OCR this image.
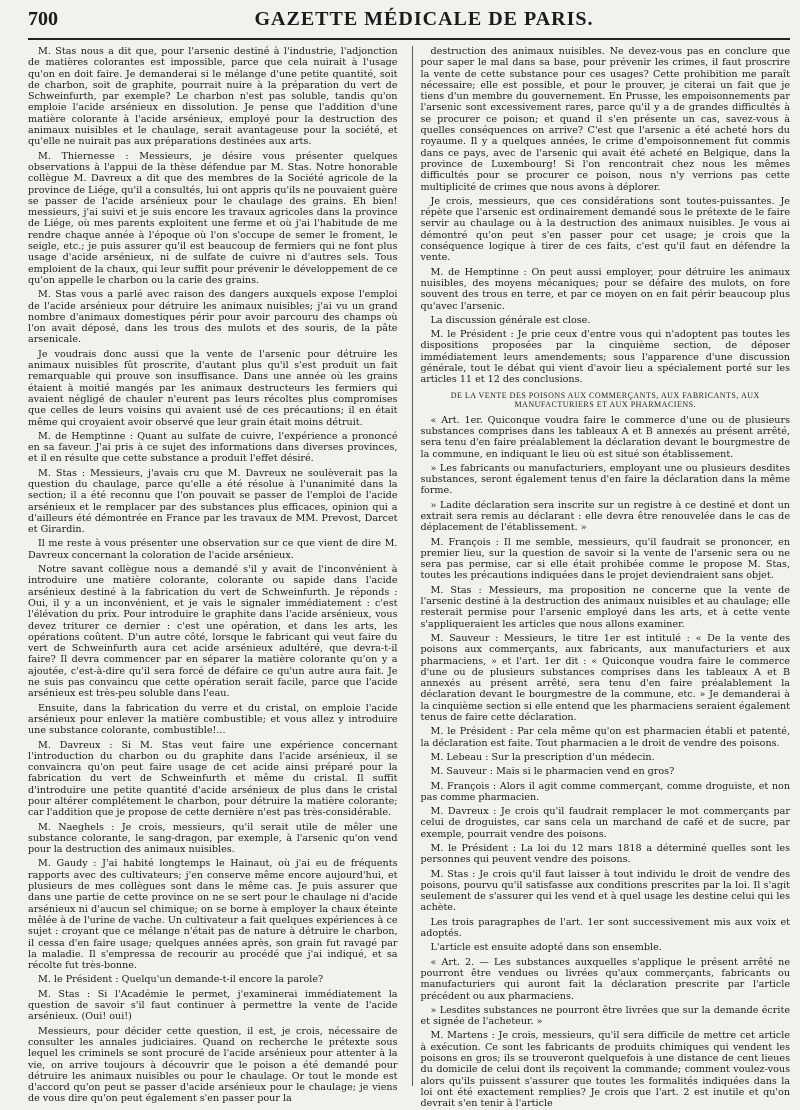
700	GAZETTE MÉDICALE DE PARIS.

M. Stas nous a dit que, pour l'arsenic destiné à l'industrie, l'adjonction de matières colorantes est impossible, parce que cela nuirait à l'usage qu'on en doit faire. Je demanderai si le mélange d'une petite quantité, soit de charbon, soit de graphite, pourrait nuire à la préparation du vert de Schweinfurth, par exemple? Le charbon n'est pas soluble, tandis qu'on emploie l'acide arsénieux en dissolution. Je pense que l'addition d'une matière colorante à l'acide arsénieux, employé pour la destruction des animaux nuisibles et le chaulage, serait avantageuse pour la société, et qu'elle ne nuirait pas aux préparations destinées aux arts.

M. Thiernesse : Messieurs, je désire vous présenter quelques observations à l'appui de la thèse défendue par M. Stas. Notre honorable collègue M. Davreux a dit que des membres de la Société agricole de la province de Liége, qu'il a consultés, lui ont appris qu'ils ne pouvaient guère se passer de l'acide arsénieux pour le chaulage des grains. Eh bien! messieurs, j'ai suivi et je suis encore les travaux agricoles dans la province de Liége, où mes parents exploitent une ferme et où j'ai l'habitude de me rendre chaque année à l'époque où l'on s'occupe de semer le froment, le seigle, etc.; je puis assurer qu'il est beaucoup de fermiers qui ne font plus usage d'acide arsénieux, ni de sulfate de cuivre ni d'autres sels. Tous emploient de la chaux, qui leur suffit pour prévenir le développement de ce qu'on appelle le charbon ou la carie des grains.

M. Stas vous a parlé avec raison des dangers auxquels expose l'emploi de l'acide arsénieux pour détruire les animaux nuisibles; j'ai vu un grand nombre d'animaux domestiques périr pour avoir parcouru des champs où l'on avait déposé, dans les trous des mulots et des souris, de la pâte arsenicale.

Je voudrais donc aussi que la vente de l'arsenic pour détruire les animaux nuisibles fût proscrite, d'autant plus qu'il s'est produit un fait remarquable qui prouve son insuffisance. Dans une année où les grains étaient à moitié mangés par les animaux destructeurs les fermiers qui avaient négligé de chauler n'eurent pas leurs récoltes plus compromises que celles de leurs voisins qui avaient usé de ces précautions; il en était même qui croyaient avoir observé que leur grain était moins détruit.

M. de Hemptinne : Quant au sulfate de cuivre, l'expérience a prononcé en sa faveur. J'ai pris à ce sujet des informations dans diverses provinces, et il en résulte que cette substance a produit l'effet désiré.

M. Stas : Messieurs, j'avais cru que M. Davreux ne soulèverait pas la question du chaulage, parce qu'elle a été résolue à l'unanimité dans la section; il a été reconnu que l'on pouvait se passer de l'emploi de l'acide arsénieux et le remplacer par des substances plus efficaces, opinion qui a d'ailleurs été démontrée en France par les travaux de MM. Prevost, Darcet et Girardin.

Il me reste à vous présenter une observation sur ce que vient de dire M. Davreux concernant la coloration de l'acide arsénieux.

Notre savant collègue nous a demandé s'il y avait de l'inconvénient à introduire une matière colorante, colorante ou sapide dans l'acide arsénieux destiné à la fabrication du vert de Schweinfurth. Je réponds : Oui, il y a un inconvénient, et je vais le signaler immédiatement : c'est l'élévation du prix. Pour introduire le graphite dans l'acide arsénieux, vous devez triturer ce dernier : c'est une opération, et dans les arts, les opérations coûtent. D'un autre côté, lorsque le fabricant qui veut faire du vert de Schweinfurth aura cet acide arsénieux adultéré, que devra-t-il faire? Il devra commencer par en séparer la matière colorante qu'on y a ajoutée, c'est-à-dire qu'il sera forcé de défaire ce qu'un autre aura fait. Je ne suis pas convaincu que cette opération serait facile, parce que l'acide arsénieux est très-peu soluble dans l'eau.

Ensuite, dans la fabrication du verre et du cristal, on emploie l'acide arsénieux pour enlever la matière combustible; et vous allez y introduire une substance colorante, combustible!...

M. Davreux : Si M. Stas veut faire une expérience concernant l'introduction du charbon ou du graphite dans l'acide arsénieux, il se convaincra qu'on peut faire usage de cet acide ainsi préparé pour la fabrication du vert de Schweinfurth et même du cristal. Il suffit d'introduire une petite quantité d'acide arsénieux de plus dans le cristal pour altérer complétement le charbon, pour détruire la matière colorante; car l'addition que je propose de cette dernière n'est pas très-considérable.

M. Naeghels : Je crois, messieurs, qu'il serait utile de mêler une substance colorante, le sang-dragon, par exemple, à l'arsenic qu'on vend pour la destruction des animaux nuisibles.

M. Gaudy : J'ai habité longtemps le Hainaut, où j'ai eu de fréquents rapports avec des cultivateurs; j'en conserve même encore aujourd'hui, et plusieurs de mes collègues sont dans le même cas. Je puis assurer que dans une partie de cette province on ne se sert pour le chaulage ni d'acide arsénieux ni d'aucun sel chimique; on se borne à employer la chaux éteinte mêlée à de l'urine de vache. Un cultivateur a fait quelques expériences à ce sujet : croyant que ce mélange n'était pas de nature à détruire le charbon, il cessa d'en faire usage; quelques années après, son grain fut ravagé par la maladie. Il s'empressa de recourir au procédé que j'ai indiqué, et sa récolte fut très-bonne.

M. le Président : Quelqu'un demande-t-il encore la parole?

M. Stas : Si l'Académie le permet, j'examinerai immédiatement la question de savoir s'il faut continuer à permettre la vente de l'acide arsénieux. (Oui! oui!)

Messieurs, pour décider cette question, il est, je crois, nécessaire de consulter les annales judiciaires. Quand on recherche le prétexte sous lequel les criminels se sont procuré de l'acide arsénieux pour attenter à la vie, on arrive toujours à découvrir que le poison a été demandé pour détruire les animaux nuisibles ou pour le chaulage. Or tout le monde est d'accord qu'on peut se passer d'acide arsénieux pour le chaulage; je viens de vous dire qu'on peut également s'en passer pour la

destruction des animaux nuisibles. Ne devez-vous pas en conclure que pour saper le mal dans sa base, pour prévenir les crimes, il faut proscrire la vente de cette substance pour ces usages? Cette prohibition me paraît nécessaire; elle est possible, et pour le prouver, je citerai un fait que je tiens d'un membre du gouvernement. En Prusse, les empoisonnements par l'arsenic sont excessivement rares, parce qu'il y a de grandes difficultés à se procurer ce poison; et quand il s'en présente un cas, savez-vous à quelles conséquences on arrive? C'est que l'arsenic a été acheté hors du royaume. Il y a quelques années, le crime d'empoisonnement fut commis dans ce pays, avec de l'arsenic qui avait été acheté en Belgique, dans la province de Luxembourg! Si l'on rencontrait chez nous les mêmes difficultés pour se procurer ce poison, nous n'y verrions pas cette multiplicité de crimes que nous avons à déplorer.

Je crois, messieurs, que ces considérations sont toutes-puissantes. Je répète que l'arsenic est ordinairement demandé sous le prétexte de le faire servir au chaulage ou à la destruction des animaux nuisibles. Je vous ai démontré qu'on peut s'en passer pour cet usage; je crois que la conséquence logique à tirer de ces faits, c'est qu'il faut en défendre la vente.

M. de Hemptinne : On peut aussi employer, pour détruire les animaux nuisibles, des moyens mécaniques; pour se défaire des mulots, on fore souvent des trous en terre, et par ce moyen on en fait périr beaucoup plus qu'avec l'arsenic.

La discussion générale est close.

M. le Président : Je prie ceux d'entre vous qui n'adoptent pas toutes les dispositions proposées par la cinquième section, de déposer immédiatement leurs amendements; sous l'apparence d'une discussion générale, tout le débat qui vient d'avoir lieu a spécialement porté sur les articles 11 et 12 des conclusions.

DE LA VENTE DES POISONS AUX COMMERÇANTS, AUX FABRICANTS, AUX MANUFACTURIERS ET AUX PHARMACIENS.

« Art. 1er. Quiconque voudra faire le commerce d'une ou de plusieurs substances comprises dans les tableaux A et B annexés au présent arrêté, sera tenu d'en faire préalablement la déclaration devant le bourgmestre de la commune, en indiquant le lieu où est situé son établissement.

» Les fabricants ou manufacturiers, employant une ou plusieurs desdites substances, seront également tenus d'en faire la déclaration dans la même forme.

» Ladite déclaration sera inscrite sur un registre à ce destiné et dont un extrait sera remis au déclarant : elle devra être renouvelée dans le cas de déplacement de l'établissement. »

M. François : Il me semble, messieurs, qu'il faudrait se prononcer, en premier lieu, sur la question de savoir si la vente de l'arsenic sera ou ne sera pas permise, car si elle était prohibée comme le propose M. Stas, toutes les précautions indiquées dans le projet deviendraient sans objet.

M. Stas : Messieurs, ma proposition ne concerne que la vente de l'arsenic destiné à la destruction des animaux nuisibles et au chaulage; elle resterait permise pour l'arsenic employé dans les arts, et à cette vente s'appliqueraient les articles que nous allons examiner.

M. Sauveur : Messieurs, le titre 1er est intitulé : « De la vente des poisons aux commerçants, aux fabricants, aux manufacturiers et aux pharmaciens, » et l'art. 1er dit : « Quiconque voudra faire le commerce d'une ou de plusieurs substances comprises dans les tableaux A et B annexés au présent arrêté, sera tenu d'en faire préalablement la déclaration devant le bourgmestre de la commune, etc. » Je demanderai à la cinquième section si elle entend que les pharmaciens seraient également tenus de faire cette déclaration.

M. le Président : Par cela même qu'on est pharmacien établi et patenté, la déclaration est faite. Tout pharmacien a le droit de vendre des poisons.

M. Lebeau : Sur la prescription d'un médecin.

M. Sauveur : Mais si le pharmacien vend en gros?

M. François : Alors il agit comme commerçant, comme droguiste, et non pas comme pharmacien.

M. Davreux : Je crois qu'il faudrait remplacer le mot commerçants par celui de droguistes, car sans cela un marchand de café et de sucre, par exemple, pourrait vendre des poisons.

M. le Président : La loi du 12 mars 1818 a déterminé quelles sont les personnes qui peuvent vendre des poisons.

M. Stas : Je crois qu'il faut laisser à tout individu le droit de vendre des poisons, pourvu qu'il satisfasse aux conditions prescrites par la loi. Il s'agit seulement de s'assurer qui les vend et à quel usage les destine celui qui les achète.

Les trois paragraphes de l'art. 1er sont successivement mis aux voix et adoptés.

L'article est ensuite adopté dans son ensemble.

« Art. 2. — Les substances auxquelles s'applique le présent arrêté ne pourront être vendues ou livrées qu'aux commerçants, fabricants ou manufacturiers qui auront fait la déclaration prescrite par l'article précédent ou aux pharmaciens.

» Lesdites substances ne pourront être livrées que sur la demande écrite et signée de l'acheteur. »

M. Martens : Je crois, messieurs, qu'il sera difficile de mettre cet article à exécution. Ce sont les fabricants de produits chimiques qui vendent les poisons en gros; ils se trouveront quelquefois à une distance de cent lieues du domicile de celui dont ils reçoivent la commande; comment voulez-vous alors qu'ils puissent s'assurer que toutes les formalités indiquées dans la loi ont été exactement remplies? Je crois que l'art. 2 est inutile et qu'on devrait s'en tenir à l'article
